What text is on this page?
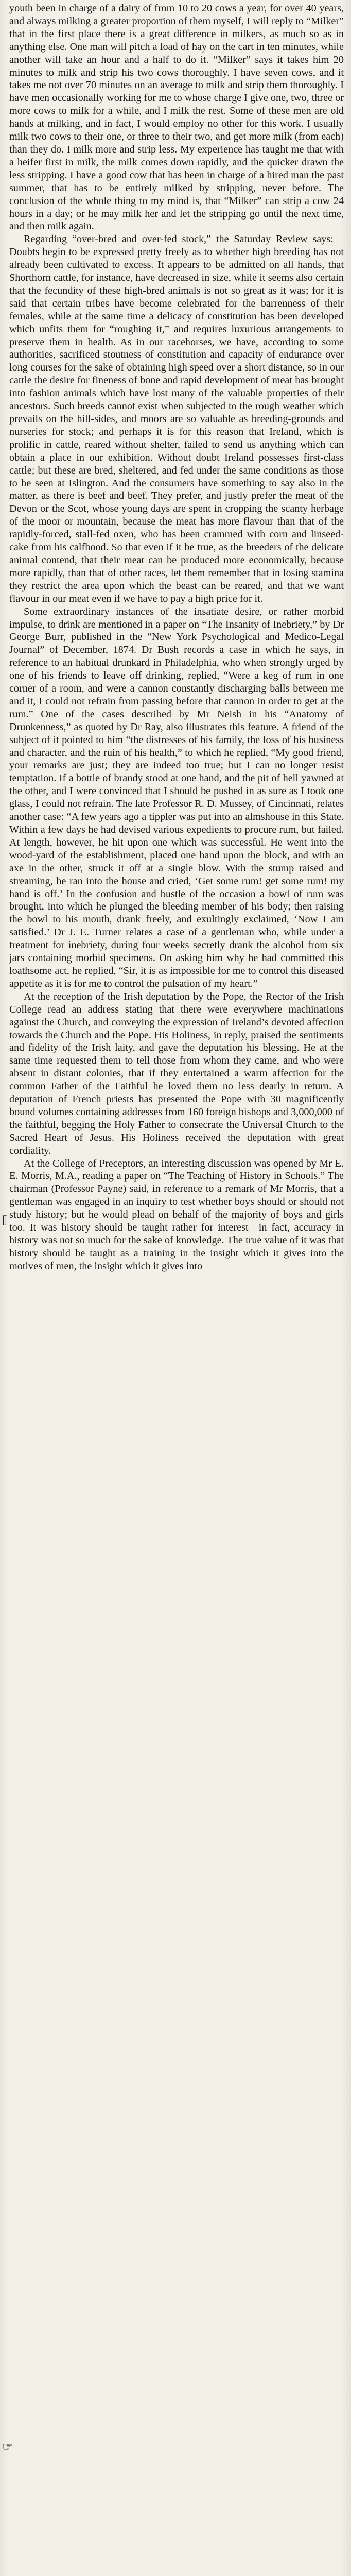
youth been in charge of a dairy of from 10 to 20 cows a year, for over 40 years, and always milking a greater proportion of them myself, I will reply to “Milker” that in the first place there is a great difference in milkers, as much so as in anything else. One man will pitch a load of hay on the cart in ten minutes, while another will take an hour and a half to do it. “Milker” says it takes him 20 minutes to milk and strip his two cows thoroughly. I have seven cows, and it takes me not over 70 minutes on an average to milk and strip them thoroughly. I have men occasionally working for me to whose charge I give one, two, three or more cows to milk for a while, and I milk the rest. Some of these men are old hands at milking, and in fact, I would employ no other for this work. I usually milk two cows to their one, or three to their two, and get more milk (from each) than they do. I milk more and strip less. My experience has taught me that with a heifer first in milk, the milk comes down rapidly, and the quicker drawn the less stripping. I have a good cow that has been in charge of a hired man the past summer, that has to be entirely milked by stripping, never before. The conclusion of the whole thing to my mind is, that “Milker” can strip a cow 24 hours in a day; or he may milk her and let the stripping go until the next time, and then milk again.

Regarding “over-bred and over-fed stock,” the Saturday Review says:—Doubts begin to be expressed pretty freely as to whether high breeding has not already been cultivated to excess. It appears to be admitted on all hands, that Shorthorn cattle, for instance, have decreased in size, while it seems also certain that the fecundity of these high-bred animals is not so great as it was; for it is said that certain tribes have become celebrated for the barrenness of their females, while at the same time a delicacy of constitution has been developed which unfits them for “roughing it,” and requires luxurious arrangements to preserve them in health. As in our racehorses, we have, according to some authorities, sacrificed stoutness of constitution and capacity of endurance over long courses for the sake of obtaining high speed over a short distance, so in our cattle the desire for fineness of bone and rapid development of meat has brought into fashion animals which have lost many of the valuable properties of their ancestors. Such breeds cannot exist when subjected to the rough weather which prevails on the hill-sides, and moors are so valuable as breeding-grounds and nurseries for stock; and perhaps it is for this reason that Ireland, which is prolific in cattle, reared without shelter, failed to send us anything which can obtain a place in our exhibition. Without doubt Ireland possesses first-class cattle; but these are bred, sheltered, and fed under the same conditions as those to be seen at Islington. And the consumers have something to say also in the matter, as there is beef and beef. They prefer, and justly prefer the meat of the Devon or the Scot, whose young days are spent in cropping the scanty herbage of the moor or mountain, because the meat has more flavour than that of the rapidly-forced, stall-fed oxen, who has been crammed with corn and linseed-cake from his calfhood. So that even if it be true, as the breeders of the delicate animal contend, that their meat can be produced more economically, because more rapidly, than that of other races, let them remember that in losing stamina they restrict the area upon which the beast can be reared, and that we want flavour in our meat even if we have to pay a high price for it.

Some extraordinary instances of the insatiate desire, or rather morbid impulse, to drink are mentioned in a paper on “The Insanity of Inebriety,” by Dr George Burr, published in the “New York Psychological and Medico-Legal Journal” of December, 1874. Dr Bush records a case in which he says, in reference to an habitual drunkard in Philadelphia, who when strongly urged by one of his friends to leave off drinking, replied, “Were a keg of rum in one corner of a room, and were a cannon constantly discharging balls between me and it, I could not refrain from passing before that cannon in order to get at the rum.” One of the cases described by Mr Neish in his “Anatomy of Drunkenness,” as quoted by Dr Ray, also illustrates this feature. A friend of the subject of it pointed to him “the distresses of his family, the loss of his business and character, and the ruin of his health,” to which he replied, “My good friend, your remarks are just; they are indeed too true; but I can no longer resist temptation. If a bottle of brandy stood at one hand, and the pit of hell yawned at the other, and I were convinced that I should be pushed in as sure as I took one glass, I could not refrain. The late Professor R. D. Mussey, of Cincinnati, relates another case: “A few years ago a tippler was put into an almshouse in this State. Within a few days he had devised various expedients to procure rum, but failed. At length, however, he hit upon one which was successful. He went into the wood-yard of the establishment, placed one hand upon the block, and with an axe in the other, struck it off at a single blow. With the stump raised and streaming, he ran into the house and cried, ‘Get some rum! get some rum! my hand is off.’ In the confusion and bustle of the occasion a bowl of rum was brought, into which he plunged the bleeding member of his body; then raising the bowl to his mouth, drank freely, and exultingly exclaimed, ‘Now I am satisfied.’ Dr J. E. Turner relates a case of a gentleman who, while under a treatment for inebriety, during four weeks secretly drank the alcohol from six jars containing morbid specimens. On asking him why he had committed this loathsome act, he replied, “Sir, it is as impossible for me to control this diseased appetite as it is for me to control the pulsation of my heart.”

At the reception of the Irish deputation by the Pope, the Rector of the Irish College read an address stating that there were everywhere machinations against the Church, and conveying the expression of Ireland’s devoted affection towards the Church and the Pope. His Holiness, in reply, praised the sentiments and fidelity of the Irish laity, and gave the deputation his blessing. He at the same time requested them to tell those from whom they came, and who were absent in distant colonies, that if they entertained a warm affection for the common Father of the Faithful he loved them no less dearly in return. A deputation of French priests has presented the Pope with 30 magnificently bound volumes containing addresses from 160 foreign bishops and 3,000,000 of the faithful, begging the Holy Father to consecrate the Universal Church to the Sacred Heart of Jesus. His Holiness received the deputation with great cordiality.

At the College of Preceptors, an interesting discussion was opened by Mr E. E. Morris, M.A., reading a paper on “The Teaching of History in Schools.” The chairman (Professor Payne) said, in reference to a remark of Mr Morris, that a gentleman was engaged in an inquiry to test whether boys should or should not study history; but he would plead on behalf of the majority of boys and girls too. It was history should be taught rather for interest—in fact, accuracy in history was not so much for the sake of knowledge. The true value of it was that history should be taught as a training in the insight which it gives into the motives of men, the insight which it gives into

☞
⟦
